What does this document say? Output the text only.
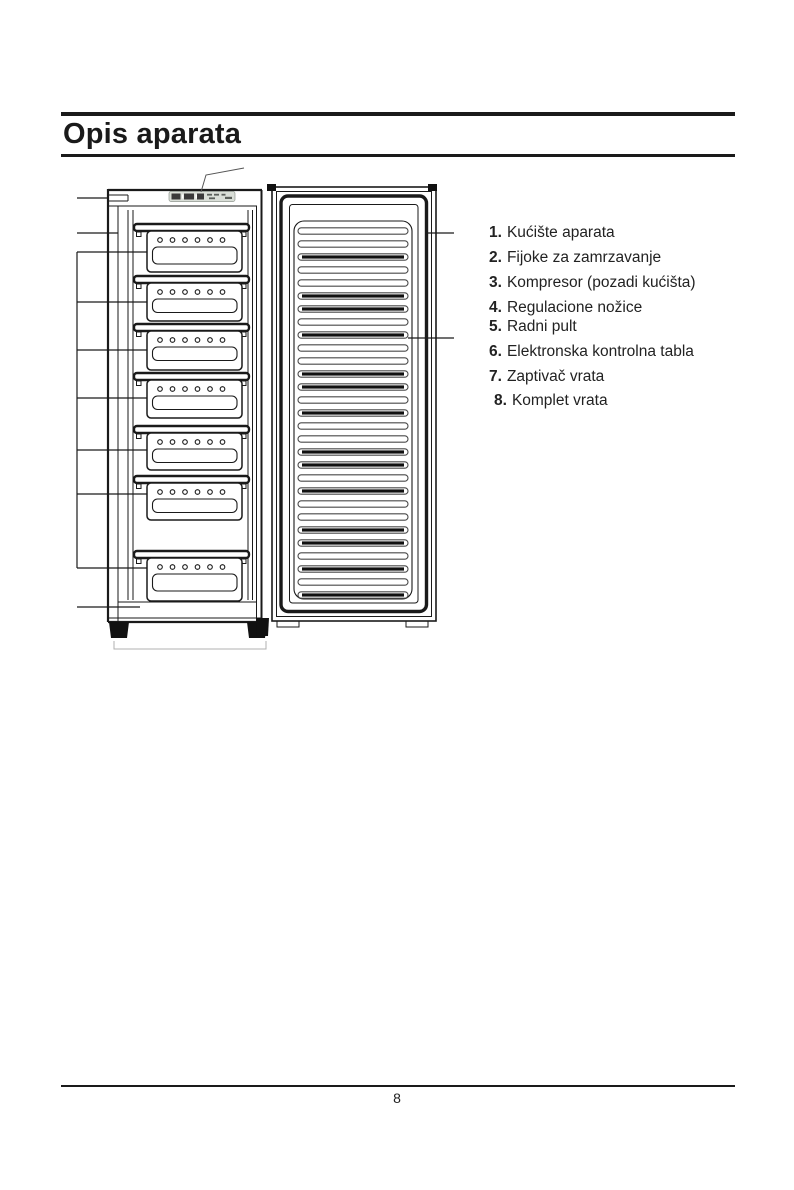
Opis aparata
1. Kućište aparata
2. Fijoke za zamrzavanje
3. Kompresor (pozadi kućišta)
4. Regulacione nožice
5. Radni pult
6. Elektronska kontrolna tabla
7. Zaptivač vrata
8. Komplet vrata
8
